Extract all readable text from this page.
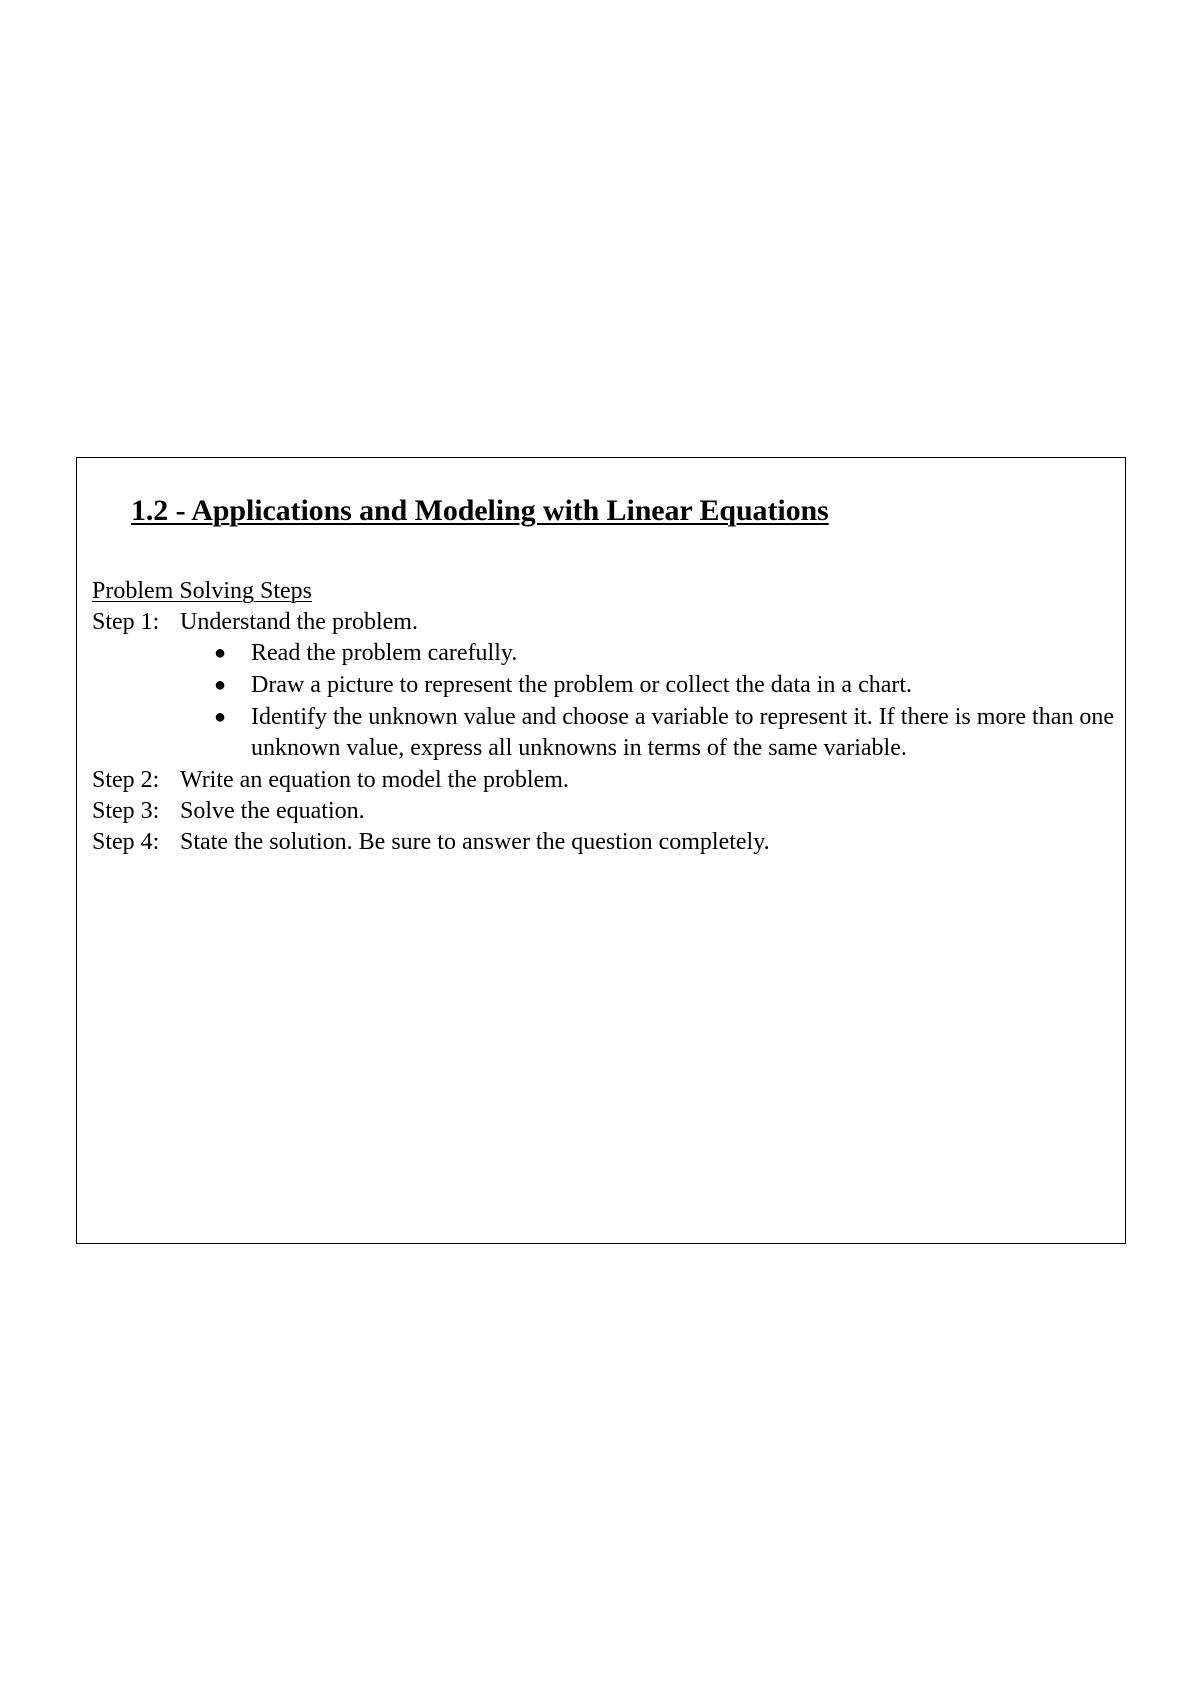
1.2 - Applications and Modeling with Linear Equations
Problem Solving Steps
Step 1: Understand the problem.
●	Read the problem carefully.
●	Draw a picture to represent the problem or collect the data in a chart.
●	Identify the unknown value and choose a variable to represent it. If there is more than one unknown value, express all unknowns in terms of the same variable.
Step 2: Write an equation to model the problem.
Step 3: Solve the equation.
Step 4: State the solution. Be sure to answer the question completely.
